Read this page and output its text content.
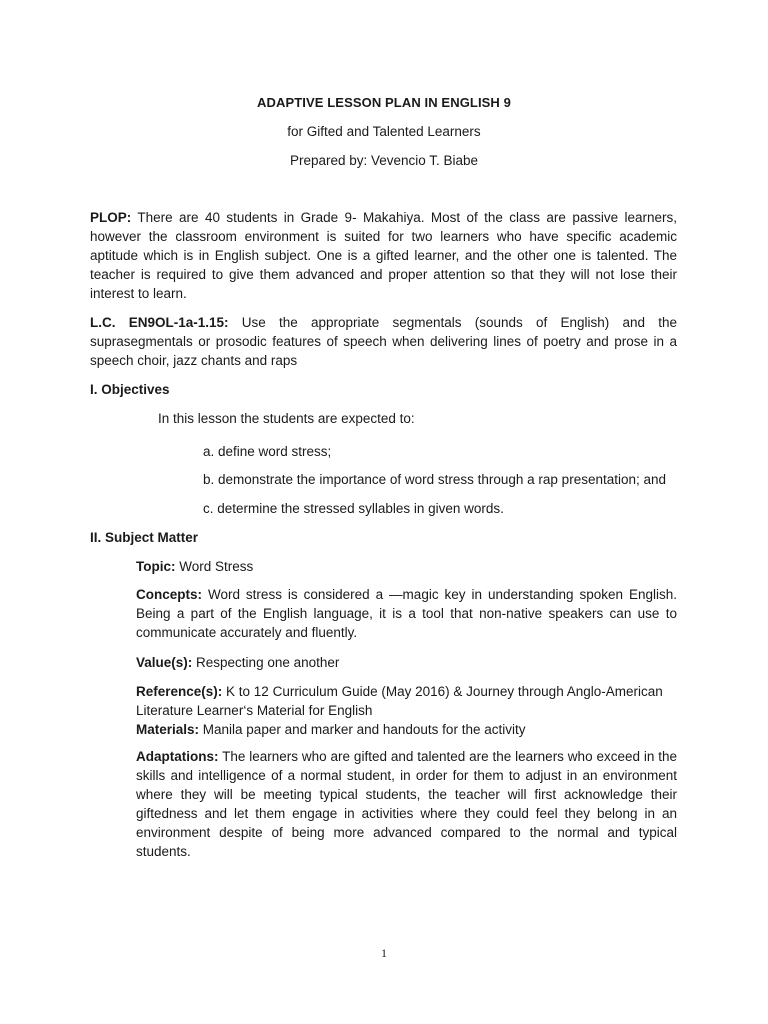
ADAPTIVE LESSON PLAN IN ENGLISH 9
for Gifted and Talented Learners
Prepared by: Vevencio T. Biabe
PLOP: There are 40 students in Grade 9- Makahiya. Most of the class are passive learners, however the classroom environment is suited for two learners who have specific academic aptitude which is in English subject. One is a gifted learner, and the other one is talented. The teacher is required to give them advanced and proper attention so that they will not lose their interest to learn.
L.C. EN9OL-1a-1.15: Use the appropriate segmentals (sounds of English) and the suprasegmentals or prosodic features of speech when delivering lines of poetry and prose in a speech choir, jazz chants and raps
I. Objectives
In this lesson the students are expected to:
a. define word stress;
b. demonstrate the importance of word stress through a rap presentation; and
c. determine the stressed syllables in given words.
II. Subject Matter
Topic: Word Stress
Concepts: Word stress is considered a —magic key in understanding spoken English. Being a part of the English language, it is a tool that non-native speakers can use to communicate accurately and fluently.
Value(s): Respecting one another
Reference(s): K to 12 Curriculum Guide (May 2016) & Journey through Anglo-American Literature Learner‘s Material for English
Materials: Manila paper and marker and handouts for the activity
Adaptations: The learners who are gifted and talented are the learners who exceed in the skills and intelligence of a normal student, in order for them to adjust in an environment where they will be meeting typical students, the teacher will first acknowledge their giftedness and let them engage in activities where they could feel they belong in an environment despite of being more advanced compared to the normal and typical students.
1
